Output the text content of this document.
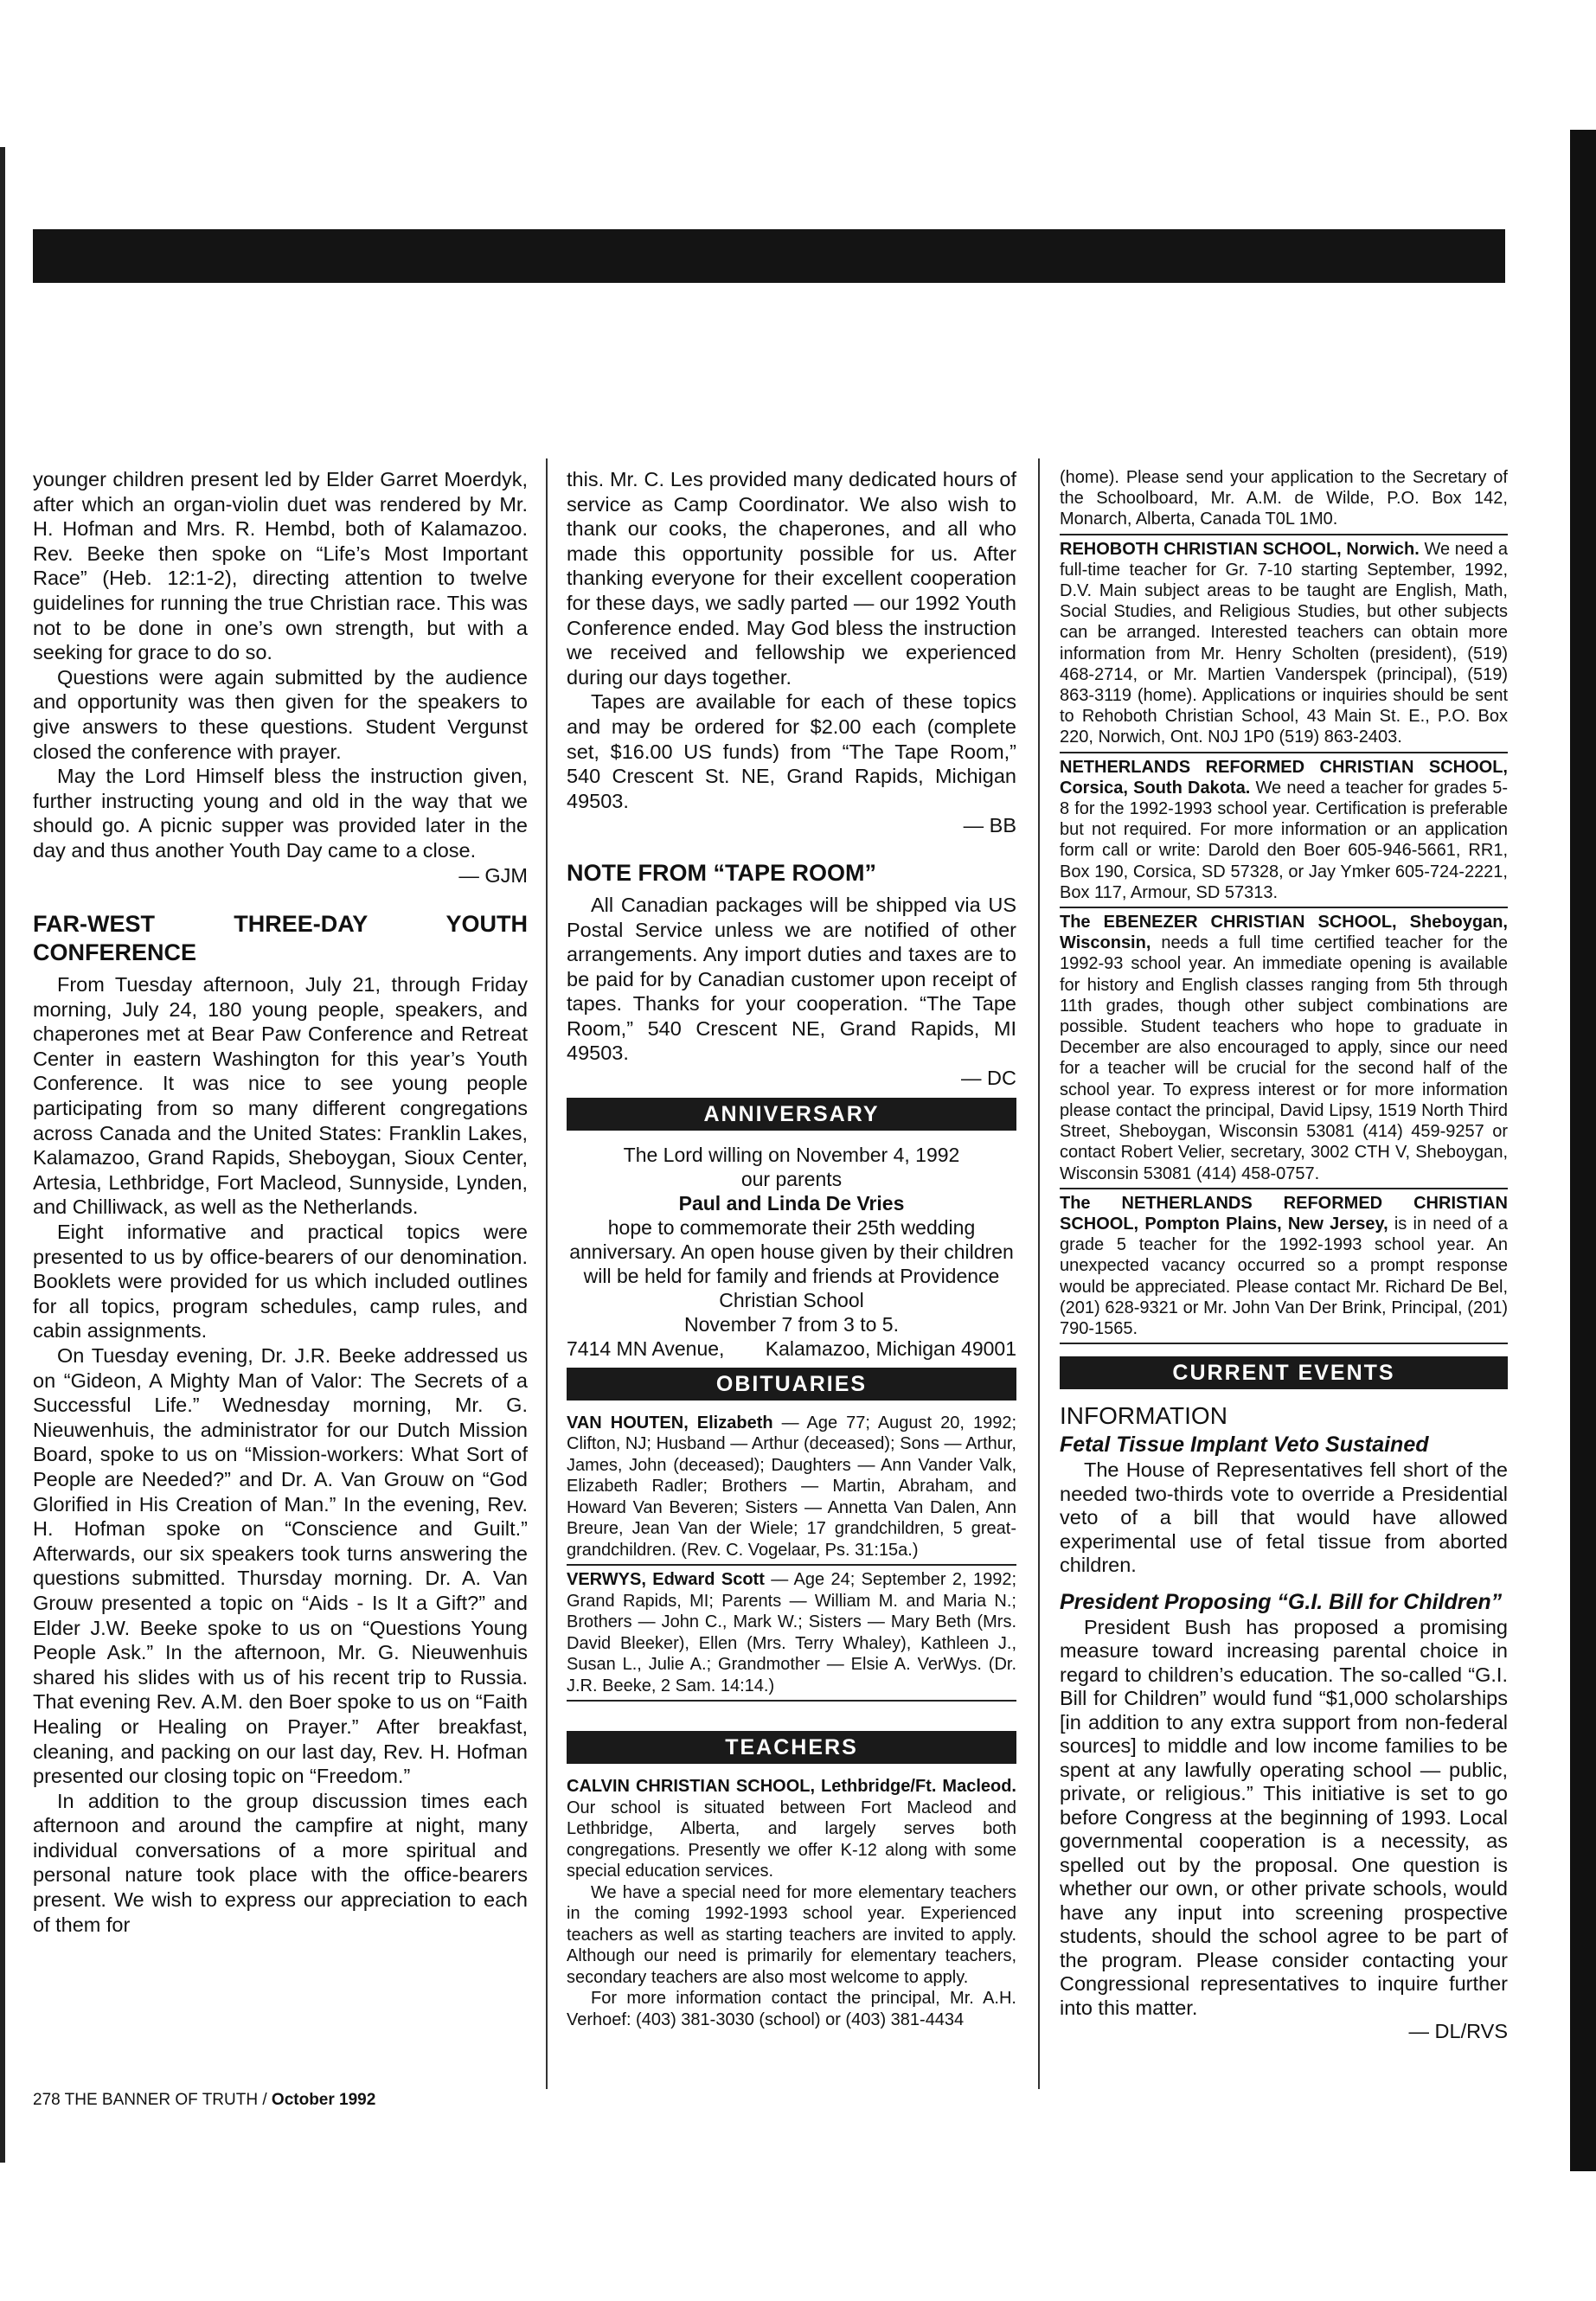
younger children present led by Elder Garret Moerdyk, after which an organ-violin duet was rendered by Mr. H. Hofman and Mrs. R. Hembd, both of Kalamazoo. Rev. Beeke then spoke on “Life’s Most Important Race” (Heb. 12:1-2), directing attention to twelve guidelines for running the true Christian race. This was not to be done in one’s own strength, but with a seeking for grace to do so.

Questions were again submitted by the audience and opportunity was then given for the speakers to give answers to these questions. Student Vergunst closed the conference with prayer.

May the Lord Himself bless the instruction given, further instructing young and old in the way that we should go. A picnic supper was provided later in the day and thus another Youth Day came to a close.

— GJM

FAR-WEST THREE-DAY YOUTH CONFERENCE

From Tuesday afternoon, July 21, through Friday morning, July 24, 180 young people, speakers, and chaperones met at Bear Paw Conference and Retreat Center in eastern Washington for this year’s Youth Conference. It was nice to see young people participating from so many different congregations across Canada and the United States: Franklin Lakes, Kalamazoo, Grand Rapids, Sheboygan, Sioux Center, Artesia, Lethbridge, Fort Macleod, Sunnyside, Lynden, and Chilliwack, as well as the Netherlands.

Eight informative and practical topics were presented to us by office-bearers of our denomination. Booklets were provided for us which included outlines for all topics, program schedules, camp rules, and cabin assignments.

On Tuesday evening, Dr. J.R. Beeke addressed us on “Gideon, A Mighty Man of Valor: The Secrets of a Successful Life.” Wednesday morning, Mr. G. Nieuwenhuis, the administrator for our Dutch Mission Board, spoke to us on “Mission-workers: What Sort of People are Needed?” and Dr. A. Van Grouw on “God Glorified in His Creation of Man.” In the evening, Rev. H. Hofman spoke on “Conscience and Guilt.” Afterwards, our six speakers took turns answering the questions submitted. Thursday morning. Dr. A. Van Grouw presented a topic on “Aids - Is It a Gift?” and Elder J.W. Beeke spoke to us on “Questions Young People Ask.” In the afternoon, Mr. G. Nieuwenhuis shared his slides with us of his recent trip to Russia. That evening Rev. A.M. den Boer spoke to us on “Faith Healing or Healing on Prayer.” After breakfast, cleaning, and packing on our last day, Rev. H. Hofman presented our closing topic on “Freedom.”

In addition to the group discussion times each afternoon and around the campfire at night, many individual conversations of a more spiritual and personal nature took place with the office-bearers present. We wish to express our appreciation to each of them for

this. Mr. C. Les provided many dedicated hours of service as Camp Coordinator. We also wish to thank our cooks, the chaperones, and all who made this opportunity possible for us. After thanking everyone for their excellent cooperation for these days, we sadly parted — our 1992 Youth Conference ended. May God bless the instruction we received and fellowship we experienced during our days together.

Tapes are available for each of these topics and may be ordered for $2.00 each (complete set, $16.00 US funds) from “The Tape Room,” 540 Crescent St. NE, Grand Rapids, Michigan 49503.

— BB

NOTE FROM “TAPE ROOM”

All Canadian packages will be shipped via US Postal Service unless we are notified of other arrangements. Any import duties and taxes are to be paid for by Canadian customer upon receipt of tapes. Thanks for your cooperation. “The Tape Room,” 540 Crescent NE, Grand Rapids, MI 49503.

— DC

ANNIVERSARY

The Lord willing on November 4, 1992

our parents

Paul and Linda De Vries

hope to commemorate their 25th wedding anniversary. An open house given by their children will be held for family and friends at Providence Christian School

November 7 from 3 to 5.

7414 MN Avenue, Kalamazoo, Michigan 49001
OBITUARIES

VAN HOUTEN, Elizabeth — Age 77; August 20, 1992; Clifton, NJ; Husband — Arthur (deceased); Sons — Arthur, James, John (deceased); Daughters — Ann Vander Valk, Elizabeth Radler; Brothers — Martin, Abraham, and Howard Van Beveren; Sisters — Annetta Van Dalen, Ann Breure, Jean Van der Wiele; 17 grandchildren, 5 great-grandchildren. (Rev. C. Vogelaar, Ps. 31:15a.)

VERWYS, Edward Scott — Age 24; September 2, 1992; Grand Rapids, MI; Parents — William M. and Maria N.; Brothers — John C., Mark W.; Sisters — Mary Beth (Mrs. David Bleeker), Ellen (Mrs. Terry Whaley), Kathleen J., Susan L., Julie A.; Grandmother — Elsie A. VerWys. (Dr. J.R. Beeke, 2 Sam. 14:14.)

TEACHERS

CALVIN CHRISTIAN SCHOOL, Lethbridge/Ft. Macleod. Our school is situated between Fort Macleod and Lethbridge, Alberta, and largely serves both congregations. Presently we offer K-12 along with some special education services.

We have a special need for more elementary teachers in the coming 1992-1993 school year. Experienced teachers as well as starting teachers are invited to apply. Although our need is primarily for elementary teachers, secondary teachers are also most welcome to apply.

For more information contact the principal, Mr. A.H. Verhoef: (403) 381-3030 (school) or (403) 381-4434

(home). Please send your application to the Secretary of the Schoolboard, Mr. A.M. de Wilde, P.O. Box 142, Monarch, Alberta, Canada T0L 1M0.

REHOBOTH CHRISTIAN SCHOOL, Norwich. We need a full-time teacher for Gr. 7-10 starting September, 1992, D.V. Main subject areas to be taught are English, Math, Social Studies, and Religious Studies, but other subjects can be arranged. Interested teachers can obtain more information from Mr. Henry Scholten (president), (519) 468-2714, or Mr. Martien Vanderspek (principal), (519) 863-3119 (home). Applications or inquiries should be sent to Rehoboth Christian School, 43 Main St. E., P.O. Box 220, Norwich, Ont. N0J 1P0 (519) 863-2403.

NETHERLANDS REFORMED CHRISTIAN SCHOOL, Corsica, South Dakota. We need a teacher for grades 5-8 for the 1992-1993 school year. Certification is preferable but not required. For more information or an application form call or write: Darold den Boer 605-946-5661, RR1, Box 190, Corsica, SD 57328, or Jay Ymker 605-724-2221, Box 117, Armour, SD 57313.

The EBENEZER CHRISTIAN SCHOOL, Sheboygan, Wisconsin, needs a full time certified teacher for the 1992-93 school year. An immediate opening is available for history and English classes ranging from 5th through 11th grades, though other subject combinations are possible. Student teachers who hope to graduate in December are also encouraged to apply, since our need for a teacher will be crucial for the second half of the school year. To express interest or for more information please contact the principal, David Lipsy, 1519 North Third Street, Sheboygan, Wisconsin 53081 (414) 459-9257 or contact Robert Velier, secretary, 3002 CTH V, Sheboygan, Wisconsin 53081 (414) 458-0757.

The NETHERLANDS REFORMED CHRISTIAN SCHOOL, Pompton Plains, New Jersey, is in need of a grade 5 teacher for the 1992-1993 school year. An unexpected vacancy occurred so a prompt response would be appreciated. Please contact Mr. Richard De Bel, (201) 628-9321 or Mr. John Van Der Brink, Principal, (201) 790-1565.

CURRENT EVENTS

INFORMATION

Fetal Tissue Implant Veto Sustained

The House of Representatives fell short of the needed two-thirds vote to override a Presidential veto of a bill that would have allowed experimental use of fetal tissue from aborted children.

President Proposing “G.I. Bill for Children”

President Bush has proposed a promising measure toward increasing parental choice in regard to children’s education. The so-called “G.I. Bill for Children” would fund “$1,000 scholarships [in addition to any extra support from non-federal sources] to middle and low income families to be spent at any lawfully operating school — public, private, or religious.” This initiative is set to go before Congress at the beginning of 1993. Local governmental cooperation is a necessity, as spelled out by the proposal. One question is whether our own, or other private schools, would have any input into screening prospective students, should the school agree to be part of the program. Please consider contacting your Congressional representatives to inquire further into this matter.

— DL/RVS

278 THE BANNER OF TRUTH / October 1992
